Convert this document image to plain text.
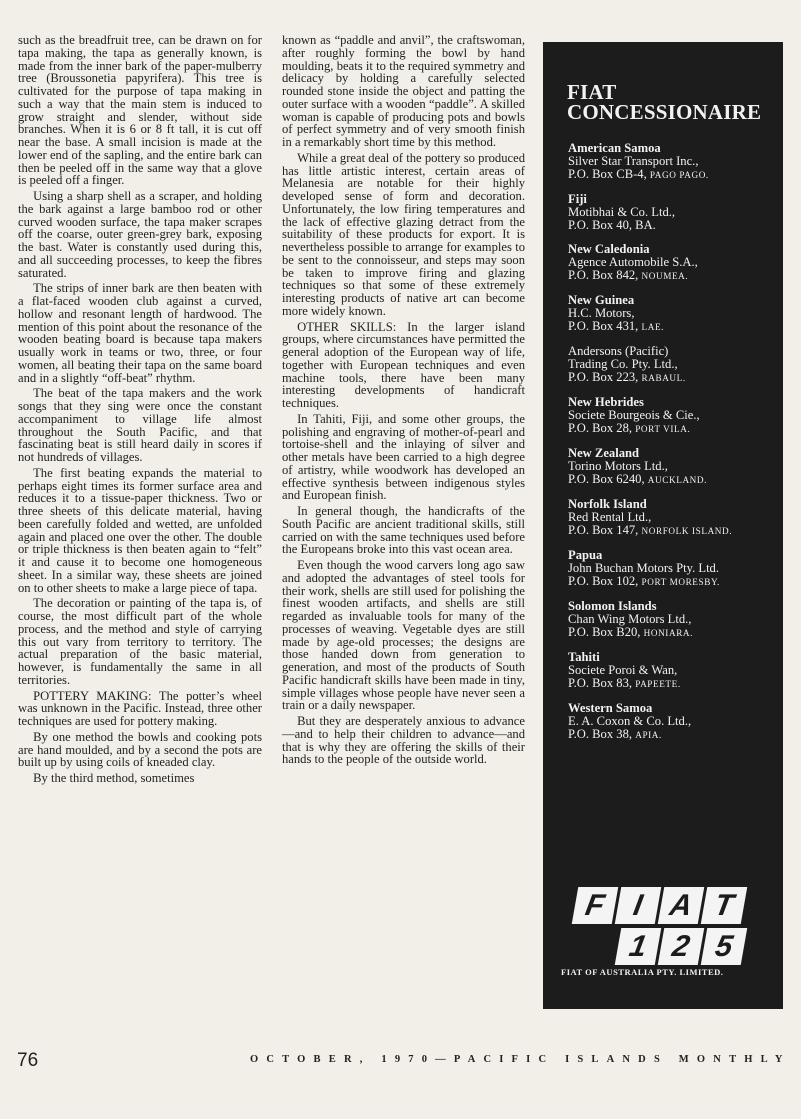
such as the breadfruit tree, can be drawn on for tapa making, the tapa as generally known, is made from the inner bark of the paper-mulberry tree (Broussonetia papyrifera). This tree is cultivated for the purpose of tapa making in such a way that the main stem is induced to grow straight and slender, without side branches. When it is 6 or 8 ft tall, it is cut off near the base. A small incision is made at the lower end of the sapling, and the entire bark can then be peeled off in the same way that a glove is peeled off a finger.

Using a sharp shell as a scraper, and holding the bark against a large bamboo rod or other curved wooden surface, the tapa maker scrapes off the coarse, outer green-grey bark, exposing the bast. Water is constantly used during this, and all succeeding processes, to keep the fibres saturated.

The strips of inner bark are then beaten with a flat-faced wooden club against a curved, hollow and resonant length of hardwood. The mention of this point about the resonance of the wooden beating board is because tapa makers usually work in teams or two, three, or four women, all beating their tapa on the same board and in a slightly “off-beat” rhythm.

The beat of the tapa makers and the work songs that they sing were once the constant accompaniment to village life almost throughout the South Pacific, and that fascinating beat is still heard daily in scores if not hundreds of villages.

The first beating expands the material to perhaps eight times its former surface area and reduces it to a tissue-paper thickness. Two or three sheets of this delicate material, having been carefully folded and wetted, are unfolded again and placed one over the other. The double or triple thickness is then beaten again to “felt” it and cause it to become one homogeneous sheet. In a similar way, these sheets are joined on to other sheets to make a large piece of tapa.

The decoration or painting of the tapa is, of course, the most difficult part of the whole process, and the method and style of carrying this out vary from territory to territory. The actual preparation of the basic material, however, is fundamentally the same in all territories.

POTTERY MAKING: The potter’s wheel was unknown in the Pacific. Instead, three other techniques are used for pottery making.

By one method the bowls and cooking pots are hand moulded, and by a second the pots are built up by using coils of kneaded clay.

By the third method, sometimes

known as “paddle and anvil”, the craftswoman, after roughly forming the bowl by hand moulding, beats it to the required symmetry and delicacy by holding a carefully selected rounded stone inside the object and patting the outer surface with a wooden “paddle”. A skilled woman is capable of producing pots and bowls of perfect symmetry and of very smooth finish in a remarkably short time by this method.

While a great deal of the pottery so produced has little artistic interest, certain areas of Melanesia are notable for their highly developed sense of form and decoration. Unfortunately, the low firing temperatures and the lack of effective glazing detract from the suitability of these products for export. It is nevertheless possible to arrange for examples to be sent to the connoisseur, and steps may soon be taken to improve firing and glazing techniques so that some of these extremely interesting products of native art can become more widely known.

OTHER SKILLS: In the larger island groups, where circumstances have permitted the general adoption of the European way of life, together with European techniques and even machine tools, there have been many interesting developments of handicraft techniques.

In Tahiti, Fiji, and some other groups, the polishing and engraving of mother-of-pearl and tortoise-shell and the inlaying of silver and other metals have been carried to a high degree of artistry, while woodwork has developed an effective synthesis between indigenous styles and European finish.

In general though, the handicrafts of the South Pacific are ancient traditional skills, still carried on with the same techniques used before the Europeans broke into this vast ocean area.

Even though the wood carvers long ago saw and adopted the advantages of steel tools for their work, shells are still used for polishing the finest wooden artifacts, and shells are still regarded as invaluable tools for many of the processes of weaving. Vegetable dyes are still made by age-old processes; the designs are those handed down from generation to generation, and most of the products of South Pacific handicraft skills have been made in tiny, simple villages whose people have never seen a train or a daily newspaper.

But they are desperately anxious to advance—and to help their children to advance—and that is why they are offering the skills of their hands to the people of the outside world.

FIAT
CONCESSIONAIRE
American Samoa
Silver Star Transport Inc.,
P.O. Box CB-4, PAGO PAGO.
Fiji
Motibhai & Co. Ltd.,
P.O. Box 40, BA.
New Caledonia
Agence Automobile S.A.,
P.O. Box 842, NOUMEA.
New Guinea
H.C. Motors,
P.O. Box 431, LAE.
Andersons (Pacific)
Trading Co. Pty. Ltd.,
P.O. Box 223, RABAUL.
New Hebrides
Societe Bourgeois & Cie.,
P.O. Box 28, PORT VILA.
New Zealand
Torino Motors Ltd.,
P.O. Box 6240, AUCKLAND.
Norfolk Island
Red Rental Ltd.,
P.O. Box 147, NORFOLK ISLAND.
Papua
John Buchan Motors Pty. Ltd.
P.O. Box 102, PORT MORESBY.
Solomon Islands
Chan Wing Motors Ltd.,
P.O. Box B20, HONIARA.
Tahiti
Societe Poroi & Wan,
P.O. Box 83, PAPEETE.
Western Samoa
E. A. Coxon & Co. Ltd.,
P.O. Box 38, APIA.
F I A T
1 2 5
FIAT OF AUSTRALIA PTY. LIMITED.
76	OCTOBER, 1970—PACIFIC ISLANDS MONTHLY
